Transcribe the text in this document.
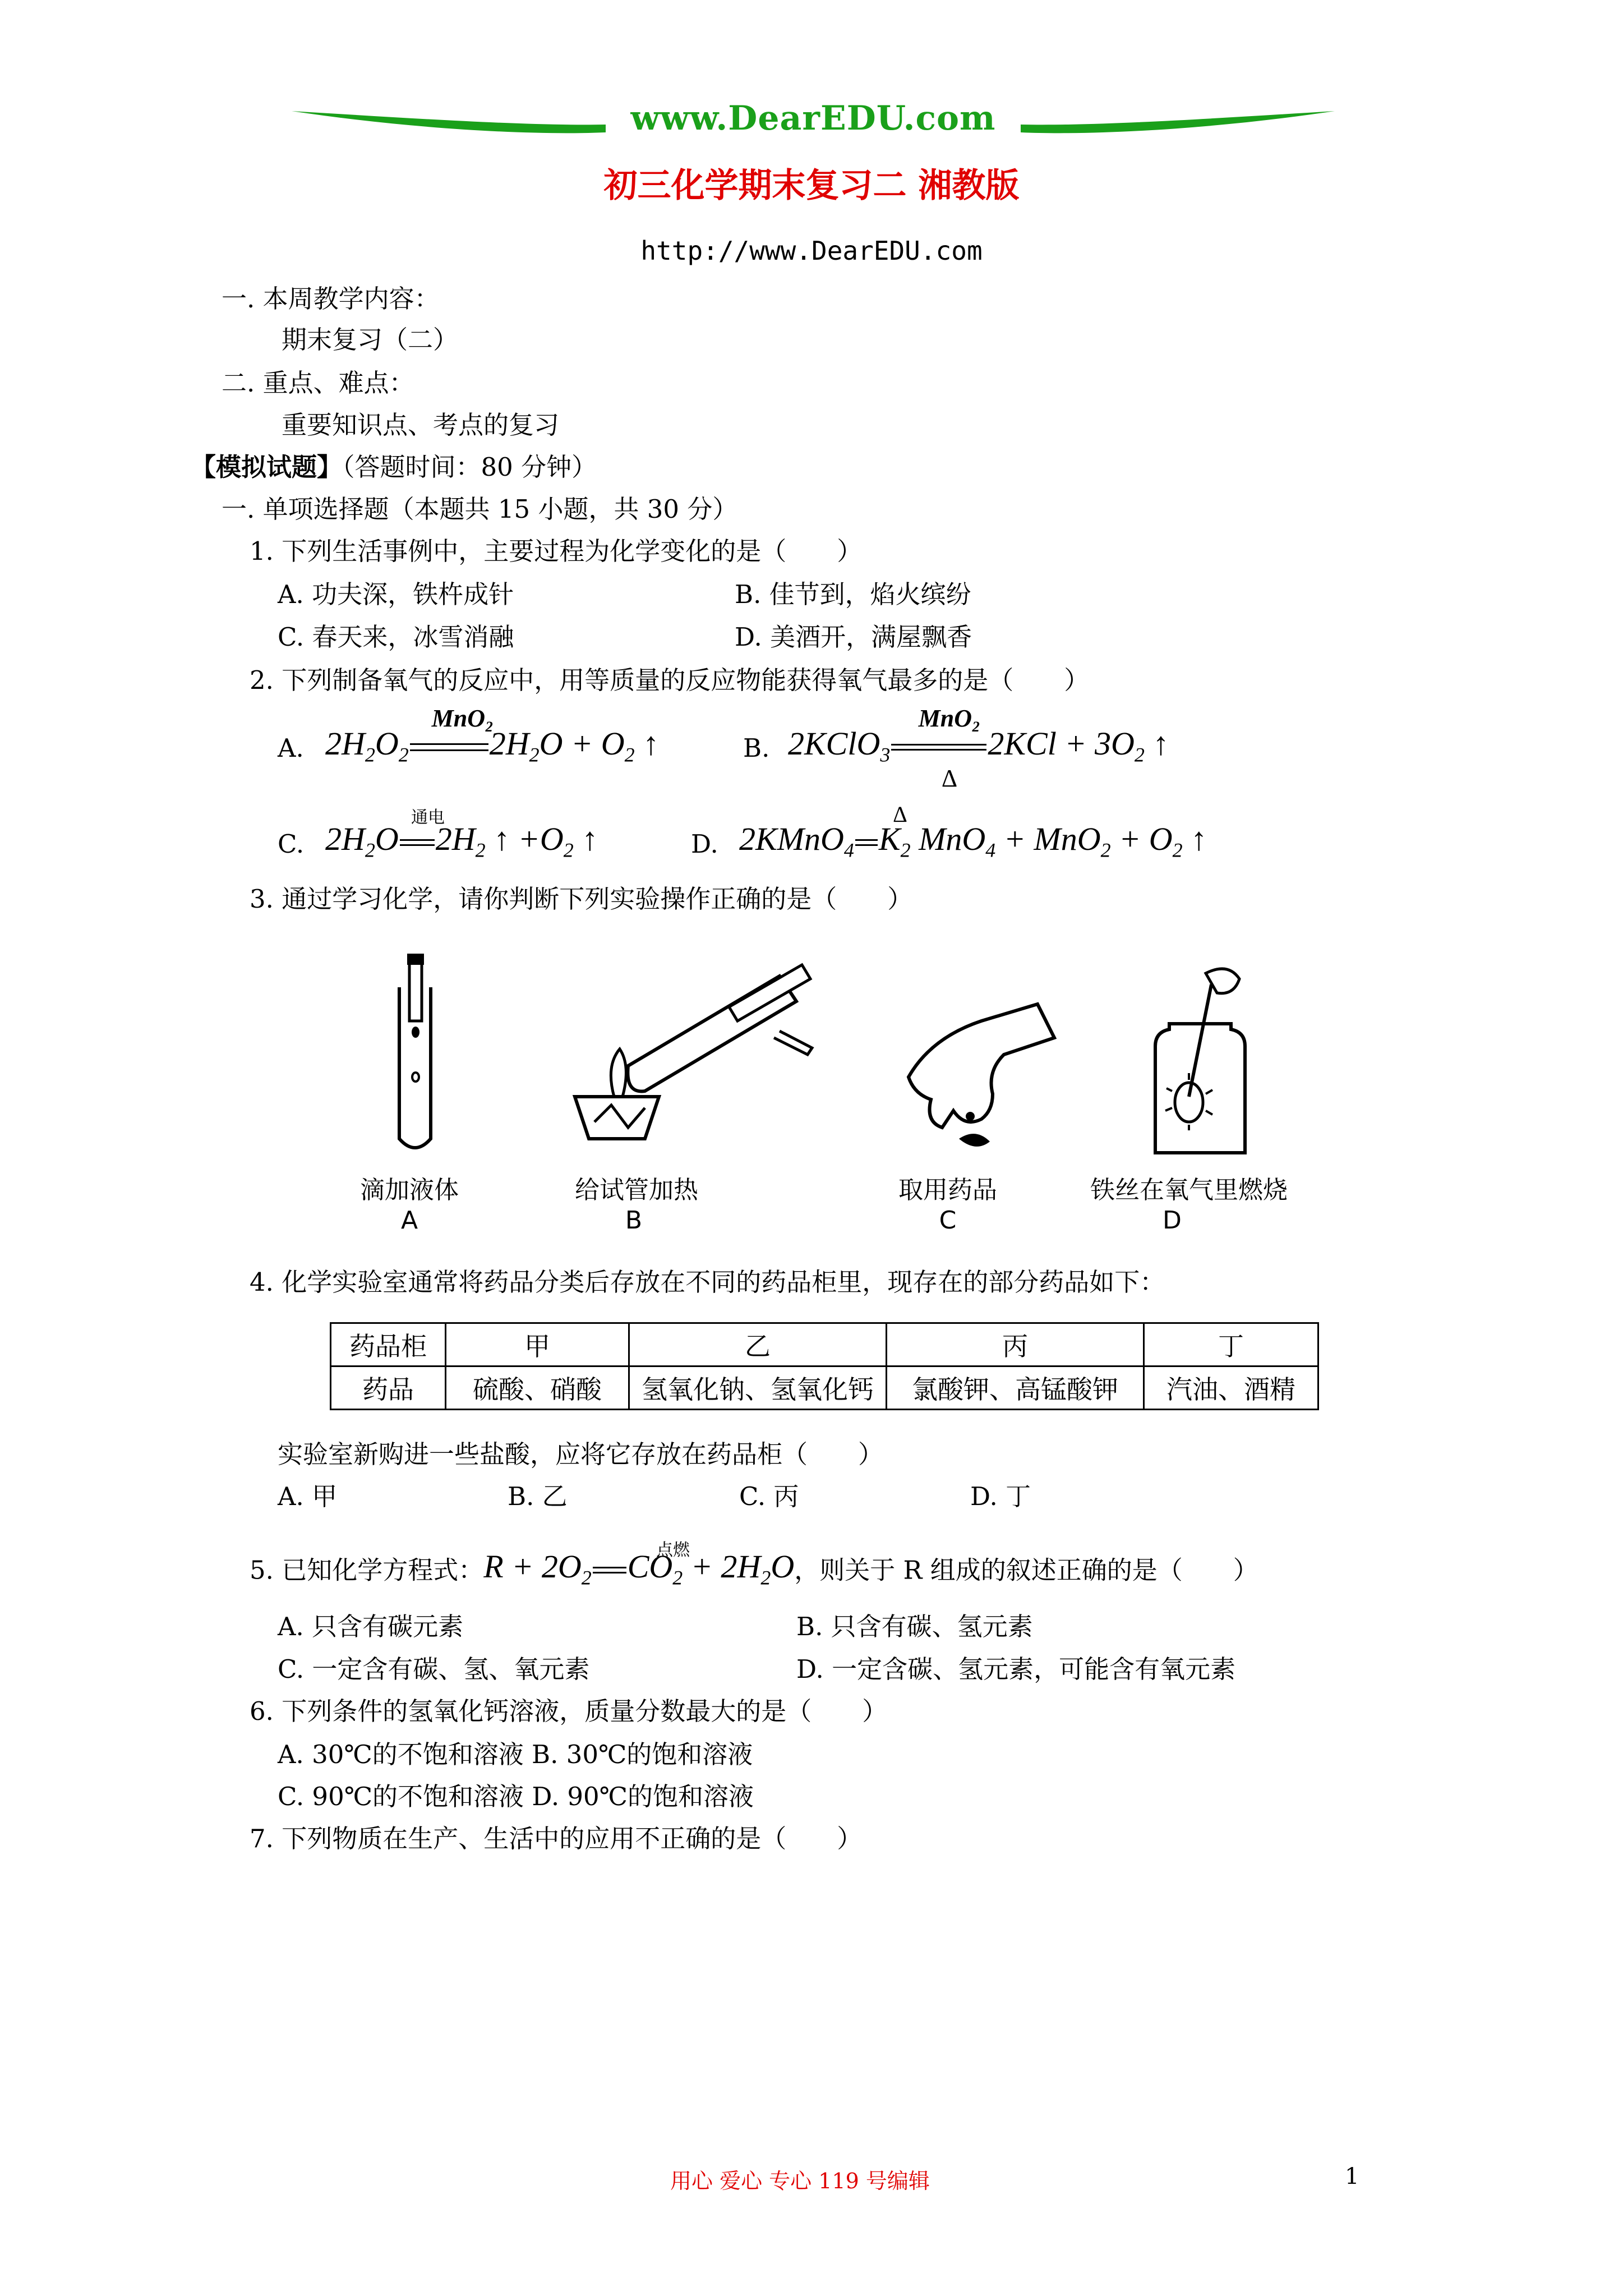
www.DearEDU.com
初三化学期末复习二 湘教版
http://www.DearEDU.com
一. 本周教学内容：
期末复习（二）
二. 重点、难点：
重要知识点、考点的复习
【模拟试题】（答题时间：80 分钟）
一. 单项选择题（本题共 15 小题，共 30 分）
1. 下列生活事例中，主要过程为化学变化的是（　　）
A. 功夫深，铁杵成针	B. 佳节到，焰火缤纷
C. 春天来，冰雪消融	D. 美酒开，满屋飘香
2. 下列制备氧气的反应中，用等质量的反应物能获得氧气最多的是（　　）
A. $2H_2O_2$ $2H_2O + O_2$ ↑
MnO₂
B. 2KClO$_3$	$2KCl + 3O_2$ ↑
MnO₂
Δ
C. $2H_2O$ $2H_2$ ↑ $+O_2$ ↑
通电
D. 2KMnO$_4$ $K_2$ $MnO_4 + MnO_2 + O_2$ ↑
Δ
3. 通过学习化学，请你判断下列实验操作正确的是（　　）
滴加液体
A
给试管加热
B
取用药品
C
铁丝在氧气里燃烧
D
4. 化学实验室通常将药品分类后存放在不同的药品柜里，现存在的部分药品如下：
药品柜	甲	乙	丙	丁
药品	硫酸、硝酸	氢氧化钠、氢氧化钙	氯酸钾、高锰酸钾	汽油、酒精
实验室新购进一些盐酸，应将它存放在药品柜（　　）
A. 甲	B. 乙	C. 丙	D. 丁
5. 已知化学方程式：$R + 2O_2$ $CO_2 + 2H_2O$，则关于 R 组成的叙述正确的是（　　）
点燃
A. 只含有碳元素	B. 只含有碳、氢元素
C. 一定含有碳、氢、氧元素	D. 一定含碳、氢元素，可能含有氧元素
6. 下列条件的氢氧化钙溶液，质量分数最大的是（　　）
A. 30℃的不饱和溶液 B. 30℃的饱和溶液
C. 90℃的不饱和溶液 D. 90℃的饱和溶液
7. 下列物质在生产、生活中的应用不正确的是（　　）
用心 爱心 专心 119 号编辑	1
